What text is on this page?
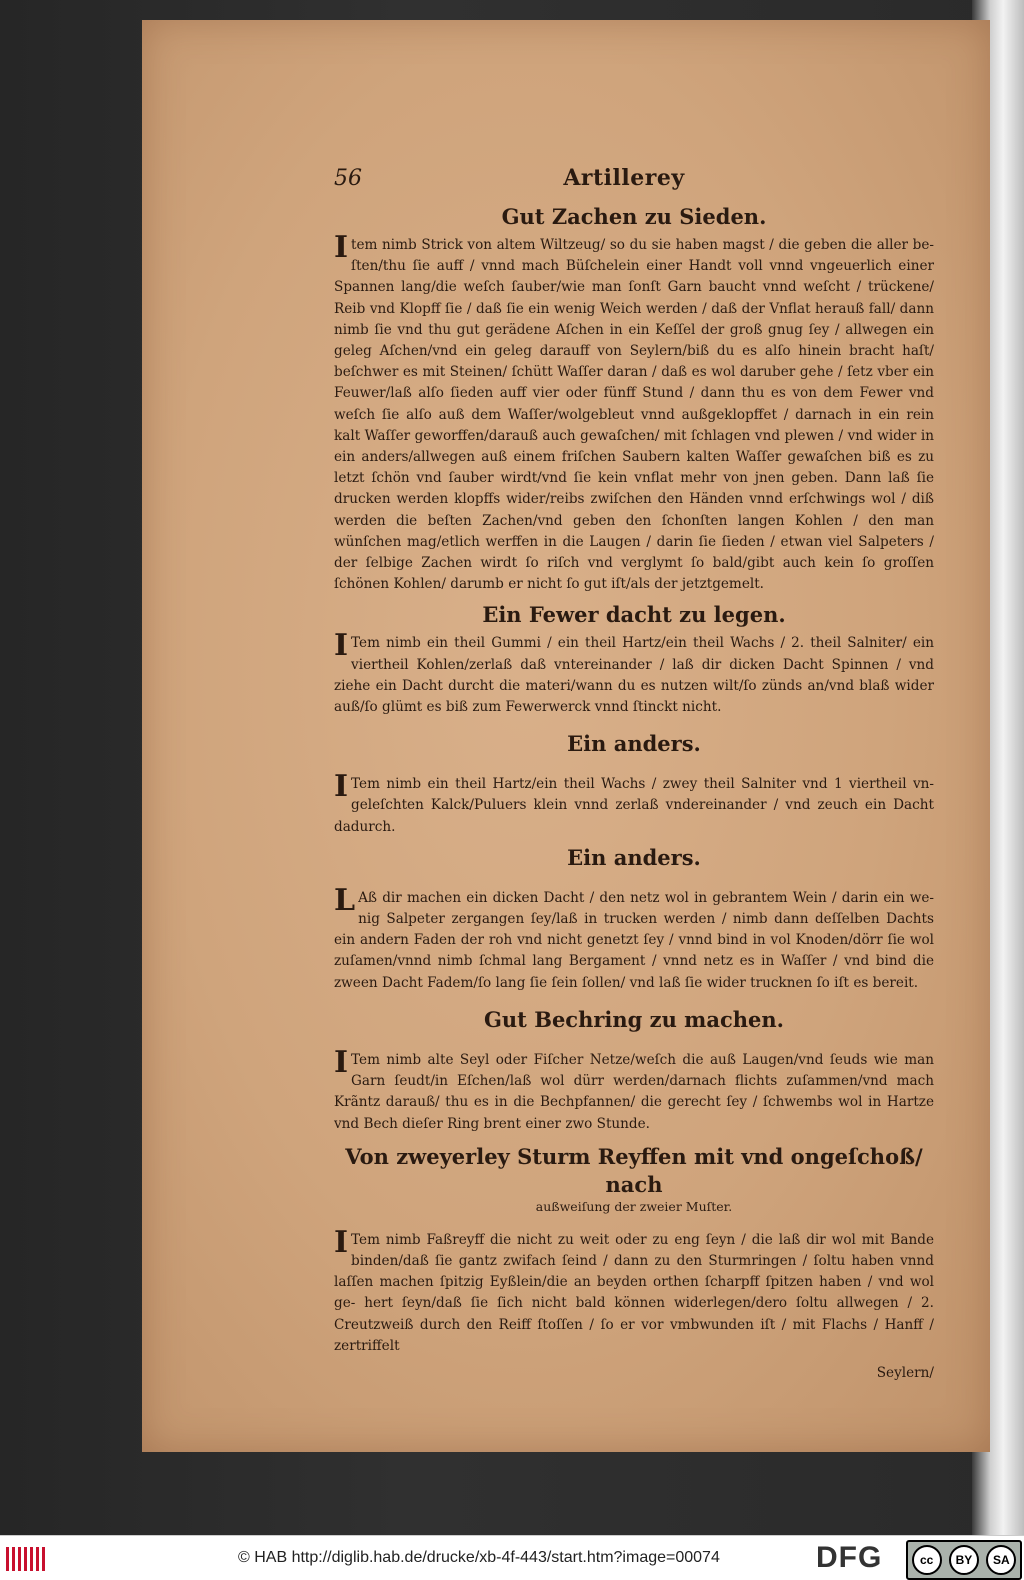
56	Artillerey
Gut Zachen zu Sieden.

Item nimb Strick von altem Wiltzeug/ so du sie haben magst / die geben die aller be- ſten/thu ſie auff / vnnd mach Büſchelein einer Handt voll vnnd vngeuerlich einer Spannen lang/die weſch ſauber/wie man ſonſt Garn baucht vnnd weſcht / trückene/ Reib vnd Klopff ſie / daß ſie ein wenig Weich werden / daß der Vnflat herauß fall/ dann nimb ſie vnd thu gut gerädene Aſchen in ein Keſſel der groß gnug ſey / allwegen ein geleg Aſchen/vnd ein geleg darauff von Seylern/biß du es alſo hinein bracht haſt/ beſchwer es mit Steinen/ ſchütt Waſſer daran / daß es wol daruber gehe / ſetz vber ein Feuwer/laß alſo ſieden auff vier oder fünff Stund / dann thu es von dem Fewer vnd weſch ſie alſo auß dem Waſſer/wolgebleut vnnd außgeklopffet / darnach in ein rein kalt Waſſer geworffen/darauß auch gewaſchen/ mit ſchlagen vnd plewen / vnd wider in ein anders/allwegen auß einem friſchen Saubern kalten Waſſer gewaſchen biß es zu letzt ſchön vnd ſauber wirdt/vnd ſie kein vnflat mehr von jnen geben. Dann laß ſie drucken werden klopffs wider/reibs zwiſchen den Händen vnnd erſchwings wol / diß werden die beſten Zachen/vnd geben den ſchonſten langen Kohlen / den man wünſchen mag/etlich werffen in die Laugen / darin ſie ſieden / etwan viel Salpeters / der ſelbige Zachen wirdt ſo riſch vnd verglymt ſo bald/gibt auch kein ſo groſſen ſchönen Kohlen/ darumb er nicht ſo gut iſt/als der jetztgemelt.

Ein Fewer dacht zu legen.

ITem nimb ein theil Gummi / ein theil Hartz/ein theil Wachs / 2. theil Salniter/ ein viertheil Kohlen/zerlaß daß vntereinander / laß dir dicken Dacht Spinnen / vnd ziehe ein Dacht durcht die materi/wann du es nutzen wilt/ſo zünds an/vnd blaß wider auß/ſo glümt es biß zum Fewerwerck vnnd ſtinckt nicht.

Ein anders.

ITem nimb ein theil Hartz/ein theil Wachs / zwey theil Salniter vnd 1 viertheil vn- geleſchten Kalck/Puluers klein vnnd zerlaß vndereinander / vnd zeuch ein Dacht dadurch.

Ein anders.

LAß dir machen ein dicken Dacht / den netz wol in gebrantem Wein / darin ein we- nig Salpeter zergangen ſey/laß in trucken werden / nimb dann deſſelben Dachts ein andern Faden der roh vnd nicht genetzt ſey / vnnd bind in vol Knoden/dörr ſie wol zuſamen/vnnd nimb ſchmal lang Bergament / vnnd netz es in Waſſer / vnd bind die zween Dacht Fadem/ſo lang ſie ſein ſollen/ vnd laß ſie wider trucknen ſo iſt es bereit.

Gut Bechring zu machen.

ITem nimb alte Seyl oder Fiſcher Netze/weſch die auß Laugen/vnd ſeuds wie man Garn ſeudt/in Eſchen/laß wol dürr werden/darnach flichts zuſammen/vnd mach Krãntz darauß/ thu es in die Bechpfannen/ die gerecht ſey / ſchwembs wol in Hartze vnd Bech dieſer Ring brent einer zwo Stunde.

Von zweyerley Sturm Reyffen mit vnd ongeſchoß/ nach
außweiſung der zweier Muſter.

ITem nimb Faßreyff die nicht zu weit oder zu eng ſeyn / die laß dir wol mit Bande binden/daß ſie gantz zwifach ſeind / dann zu den Sturmringen / ſoltu haben vnnd laſſen machen ſpitzig Eyßlein/die an beyden orthen ſcharpff ſpitzen haben / vnd wol ge- hert ſeyn/daß ſie ſich nicht bald können widerlegen/dero ſoltu allwegen / 2. Creutzweiß durch den Reiff ſtoſſen / ſo er vor vmbwunden iſt / mit Flachs / Hanff / zertriffelt

Seylern/
© HAB http://diglib.hab.de/drucke/xb-4f-443/start.htm?image=00074	DFG	cc	BY	SA
